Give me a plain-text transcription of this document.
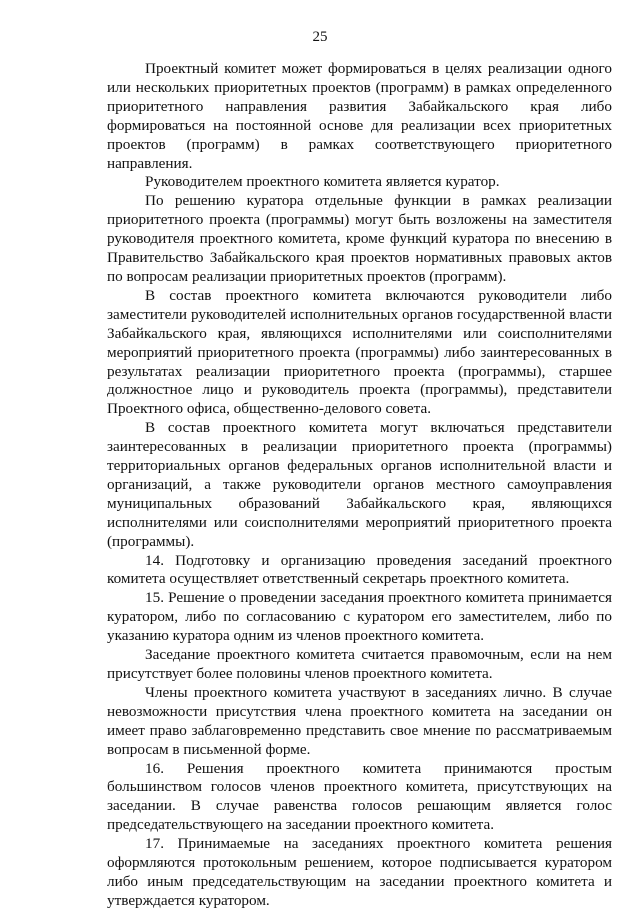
25

Проектный комитет может формироваться в целях реализации одного или нескольких приоритетных проектов (программ) в рамках определенного приоритетного направления развития Забайкальского края либо формироваться на постоянной основе для реализации всех приоритетных проектов (программ) в рамках соответствующего приоритетного направления.

Руководителем проектного комитета является куратор.

По решению куратора отдельные функции в рамках реализации приоритетного проекта (программы) могут быть возложены на заместителя руководителя проектного комитета, кроме функций куратора по внесению в Правительство Забайкальского края проектов нормативных правовых актов по вопросам реализации приоритетных проектов (программ).

В состав проектного комитета включаются руководители либо заместители руководителей исполнительных органов государственной власти Забайкальского края, являющихся исполнителями или соисполнителями мероприятий приоритетного проекта (программы) либо заинтересованных в результатах реализации приоритетного проекта (программы), старшее должностное лицо и руководитель проекта (программы), представители Проектного офиса, общественно-делового совета.

В состав проектного комитета могут включаться представители заинтересованных в реализации приоритетного проекта (программы) территориальных органов федеральных органов исполнительной власти и организаций, а также руководители органов местного самоуправления муниципальных образований Забайкальского края, являющихся исполнителями или соисполнителями мероприятий приоритетного проекта (программы).

14. Подготовку и организацию проведения заседаний проектного комитета осуществляет ответственный секретарь проектного комитета.

15. Решение о проведении заседания проектного комитета принимается куратором, либо по согласованию с куратором его заместителем, либо по указанию куратора одним из членов проектного комитета.

Заседание проектного комитета считается правомочным, если на нем присутствует более половины членов проектного комитета.

Члены проектного комитета участвуют в заседаниях лично. В случае невозможности присутствия члена проектного комитета на заседании он имеет право заблаговременно представить свое мнение по рассматриваемым вопросам в письменной форме.

16. Решения проектного комитета принимаются простым большинством голосов членов проектного комитета, присутствующих на заседании. В случае равенства голосов решающим является голос председательствующего на заседании проектного комитета.

17. Принимаемые на заседаниях проектного комитета решения оформляются протокольным решением, которое подписывается куратором либо иным председательствующим на заседании проектного комитета и утверждается куратором.
